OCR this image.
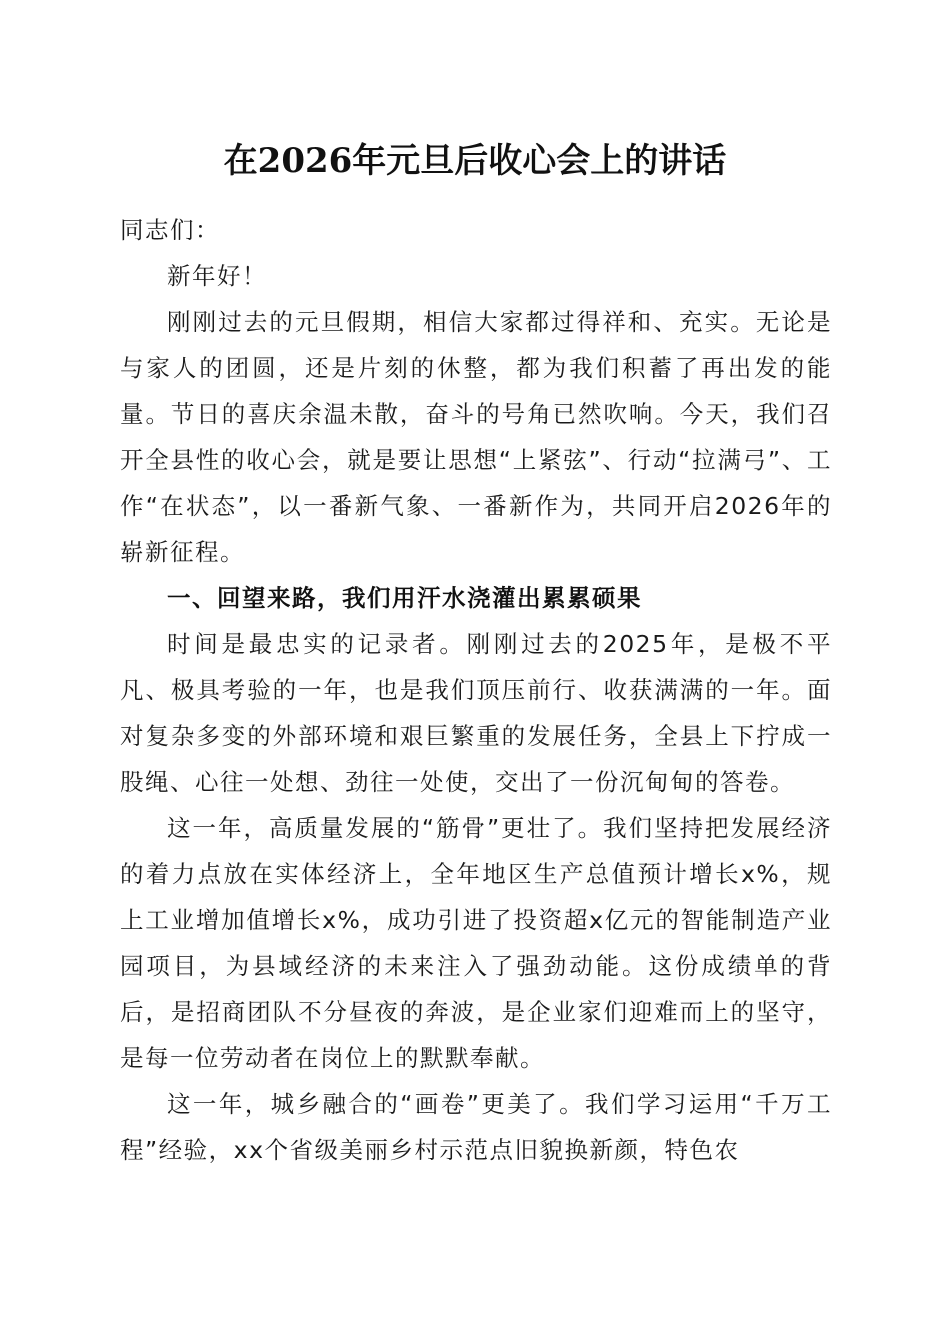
在2026年元旦后收心会上的讲话

同志们：

新年好！

刚刚过去的元旦假期，相信大家都过得祥和、充实。无论是与家人的团圆，还是片刻的休整，都为我们积蓄了再出发的能量。节日的喜庆余温未散，奋斗的号角已然吹响。今天，我们召开全县性的收心会，就是要让思想“上紧弦”、行动“拉满弓”、工作“在状态”，以一番新气象、一番新作为，共同开启2026年的崭新征程。

一、回望来路，我们用汗水浇灌出累累硕果

时间是最忠实的记录者。刚刚过去的2025年，是极不平凡、极具考验的一年，也是我们顶压前行、收获满满的一年。面对复杂多变的外部环境和艰巨繁重的发展任务，全县上下拧成一股绳、心往一处想、劲往一处使，交出了一份沉甸甸的答卷。

这一年，高质量发展的“筋骨”更壮了。我们坚持把发展经济的着力点放在实体经济上，全年地区生产总值预计增长x%，规上工业增加值增长x%，成功引进了投资超x亿元的智能制造产业园项目，为县域经济的未来注入了强劲动能。这份成绩单的背后，是招商团队不分昼夜的奔波，是企业家们迎难而上的坚守，是每一位劳动者在岗位上的默默奉献。

这一年，城乡融合的“画卷”更美了。我们学习运用“千万工程”经验，xx个省级美丽乡村示范点旧貌换新颜，特色农
